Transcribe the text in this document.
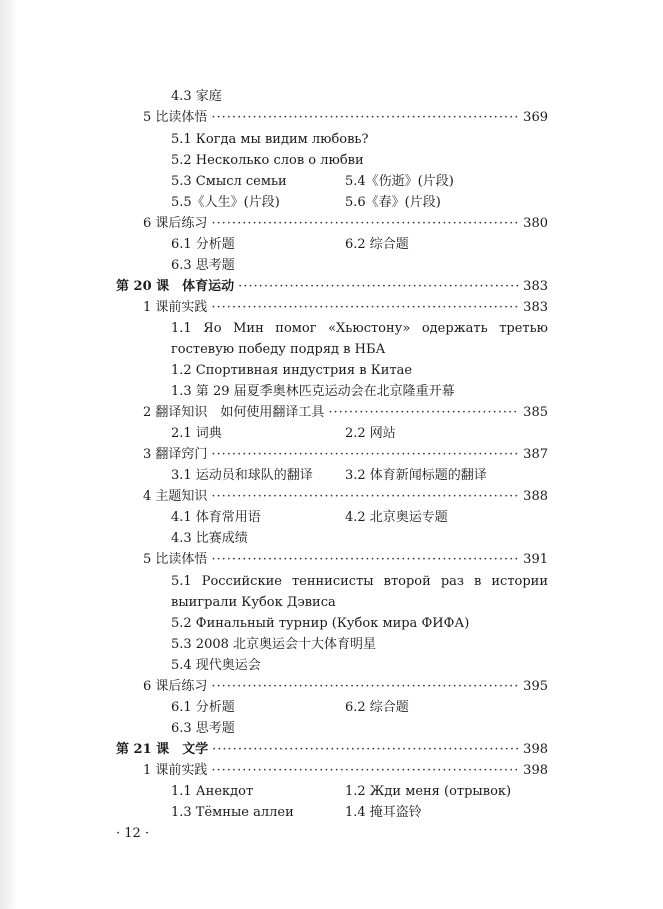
4.3 家庭
5 比读体悟 ·····	369
5.1 Когда мы видим любовь?
5.2 Несколько слов о любви
5.3 Смысл семьи	5.4《伤逝》(片段)
5.5《人生》(片段)	5.6《春》(片段)
6 课后练习 ·····	380
6.1 分析题	6.2 综合题
6.3 思考题
第 20 课　体育运动 ·····	383
1 课前实践 ·····	383
1.1 Яо Мин помог «Хьюстону» одержать третью гостевую победу подряд в НБА
1.2 Спортивная индустрия в Китае
1.3 第 29 届夏季奥林匹克运动会在北京隆重开幕
2 翻译知识　如何使用翻译工具 ·····	385
2.1 词典	2.2 网站
3 翻译窍门 ·····	387
3.1 运动员和球队的翻译 3.2 体育新闻标题的翻译
4 主题知识 ·····	388
4.1 体育常用语	4.2 北京奥运专题
4.3 比赛成绩
5 比读体悟 ·····	391
5.1 Российские теннисисты второй раз в истории выиграли Кубок Дэвиса
5.2 Финальный турнир (Кубок мира ФИФА)
5.3 2008 北京奥运会十大体育明星
5.4 现代奥运会
6 课后练习 ·····	395
6.1 分析题	6.2 综合题
6.3 思考题
第 21 课　文学 ·····	398
1 课前实践 ·····	398
1.1 Анекдот	1.2 Жди меня (отрывок)
1.3 Тёмные аллеи	1.4 掩耳盗铃
· 12 ·
